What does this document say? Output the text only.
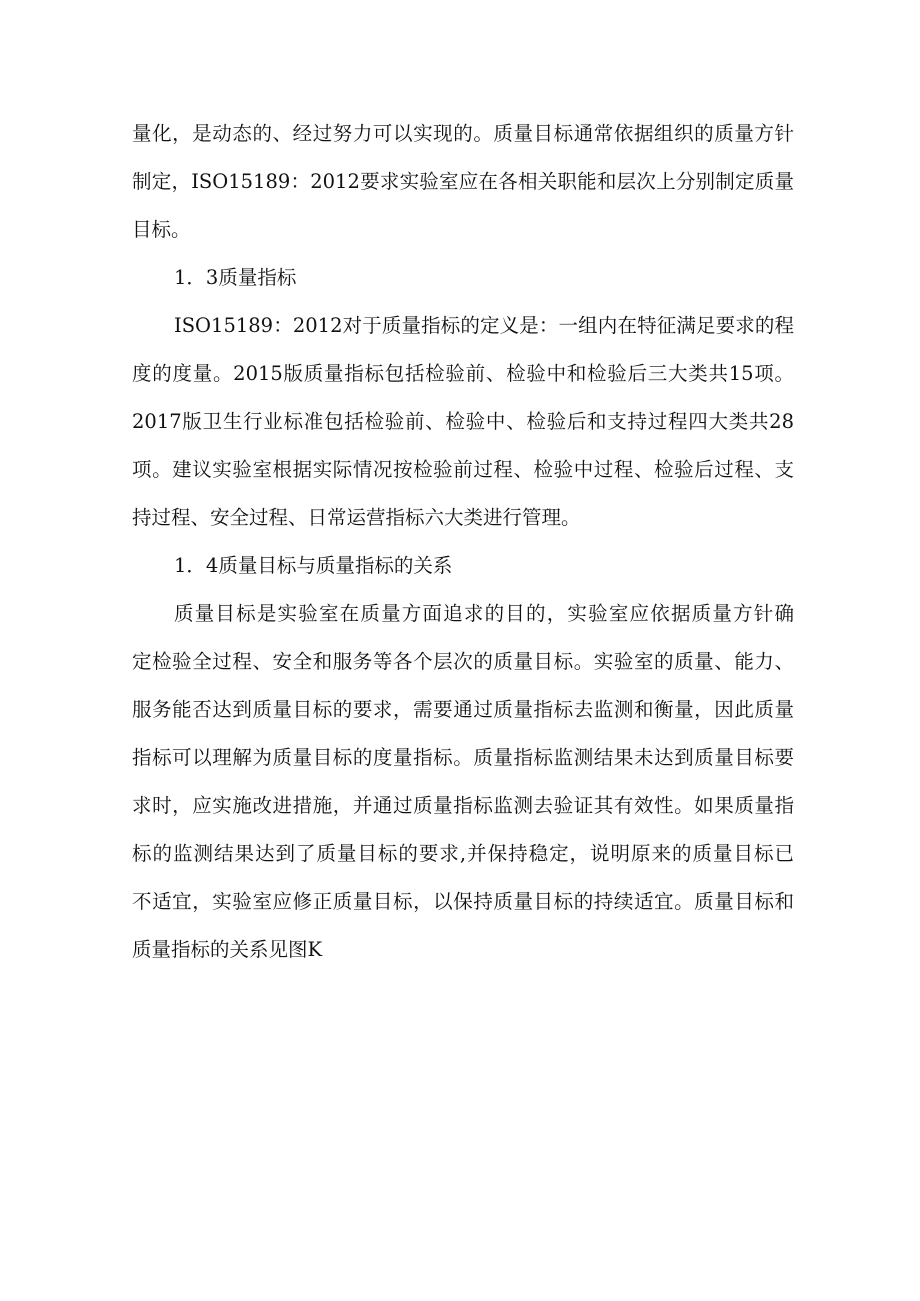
量化，是动态的、经过努力可以实现的。质量目标通常依据组织的质量方针
制定，ISO15189：2012要求实验室应在各相关职能和层次上分别制定质量
目标。
1．3质量指标
ISO15189：2012对于质量指标的定义是：一组内在特征满足要求的程
度的度量。2015版质量指标包括检验前、检验中和检验后三大类共15项。
2017版卫生行业标准包括检验前、检验中、检验后和支持过程四大类共28
项。建议实验室根据实际情况按检验前过程、检验中过程、检验后过程、支
持过程、安全过程、日常运营指标六大类进行管理。
1．4质量目标与质量指标的关系
质量目标是实验室在质量方面追求的目的，实验室应依据质量方针确
定检验全过程、安全和服务等各个层次的质量目标。实验室的质量、能力、
服务能否达到质量目标的要求，需要通过质量指标去监测和衡量，因此质量
指标可以理解为质量目标的度量指标。质量指标监测结果未达到质量目标要
求时，应实施改进措施，并通过质量指标监测去验证其有效性。如果质量指
标的监测结果达到了质量目标的要求,并保持稳定，说明原来的质量目标已
不适宜，实验室应修正质量目标，以保持质量目标的持续适宜。质量目标和
质量指标的关系见图K
